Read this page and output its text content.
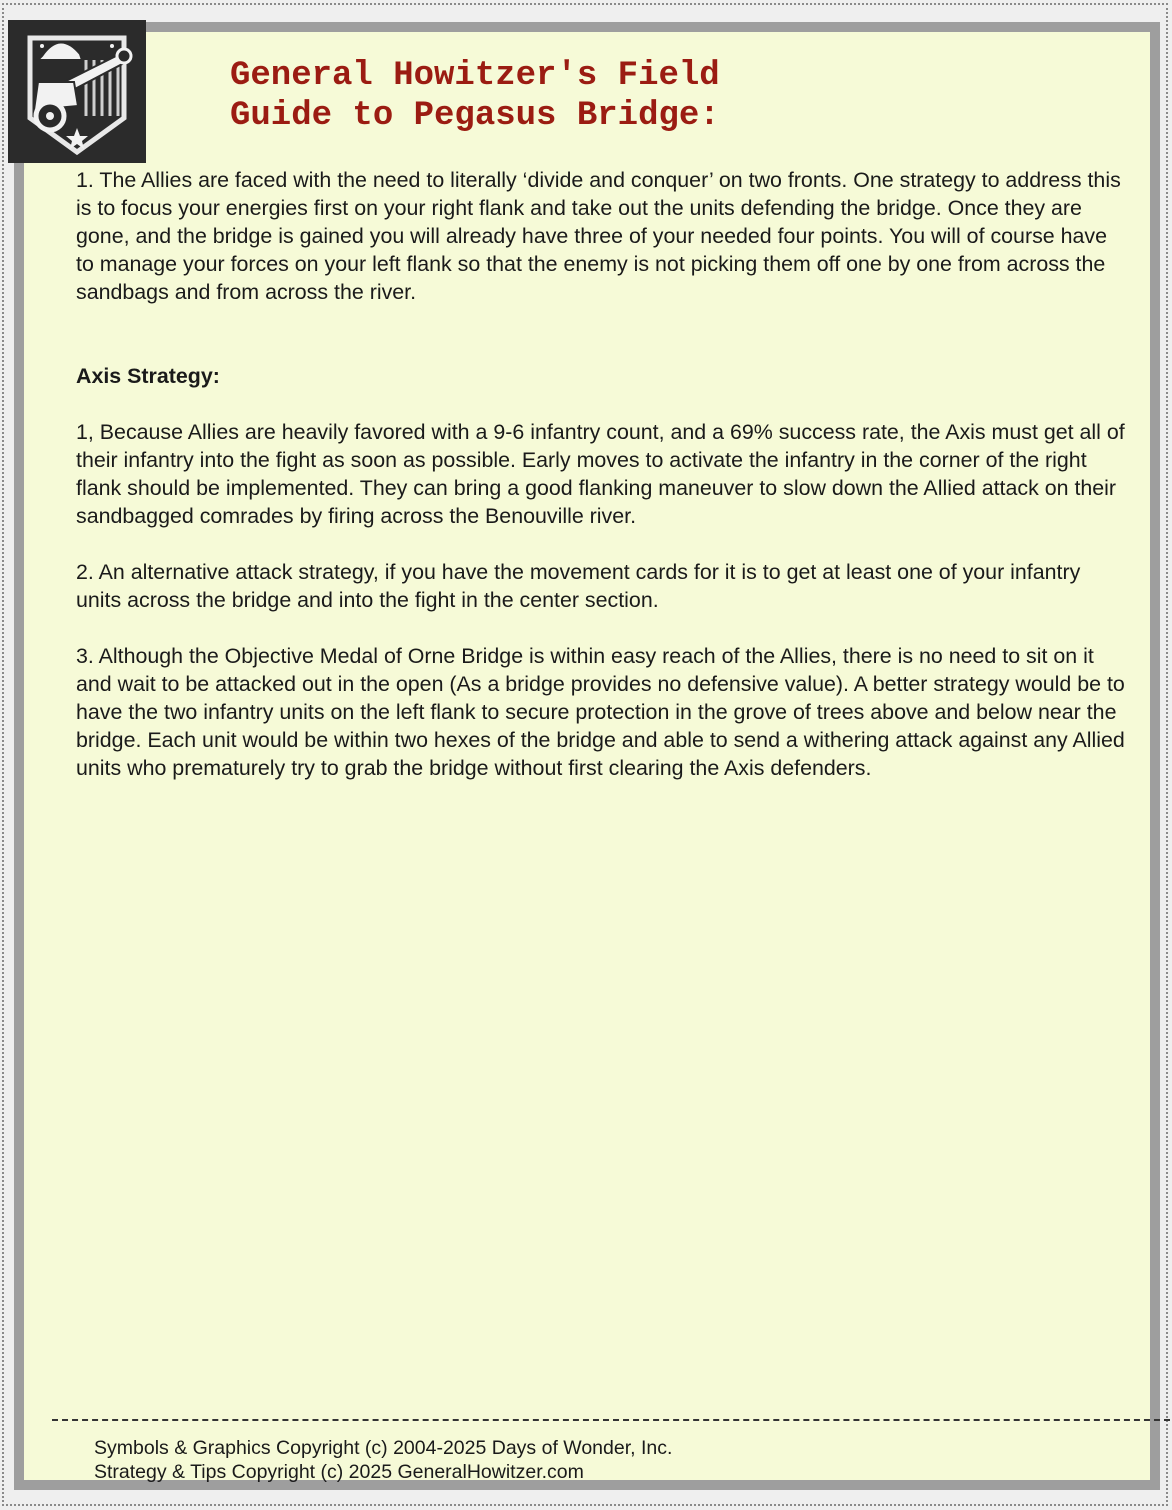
Symbols & Graphics Copyright (c) 2004-2025 Days of Wonder, Inc.

Strategy & Tips Copyright (c) 2025 GeneralHowitzer.com

General Howitzer's Field
Guide to Pegasus Bridge:

1. The Allies are faced with the need to literally ‘divide and conquer’ on two fronts. One strategy to address this is to focus your energies first on your right flank and take out the units defending the bridge. Once they are gone, and the bridge is gained you will already have three of your needed four points. You will of course have to manage your forces on your left flank so that the enemy is not picking them off one by one from across the sandbags and from across the river.

Axis Strategy:

1, Because Allies are heavily favored with a 9-6 infantry count, and a 69% success rate, the Axis must get all of their infantry into the fight as soon as possible. Early moves to activate the infantry in the corner of the right flank should be implemented. They can bring a good flanking maneuver to slow down the Allied attack on their sandbagged comrades by firing across the Benouville river.

2. An alternative attack strategy, if you have the movement cards for it is to get at least one of your infantry units across the bridge and into the fight in the center section.

3. Although the Objective Medal of Orne Bridge is within easy reach of the Allies, there is no need to sit on it and wait to be attacked out in the open (As a bridge provides no defensive value). A better strategy would be to have the two infantry units on the left flank to secure protection in the grove of trees above and below near the bridge. Each unit would be within two hexes of the bridge and able to send a withering attack against any Allied units who prematurely try to grab the bridge without first clearing the Axis defenders.
